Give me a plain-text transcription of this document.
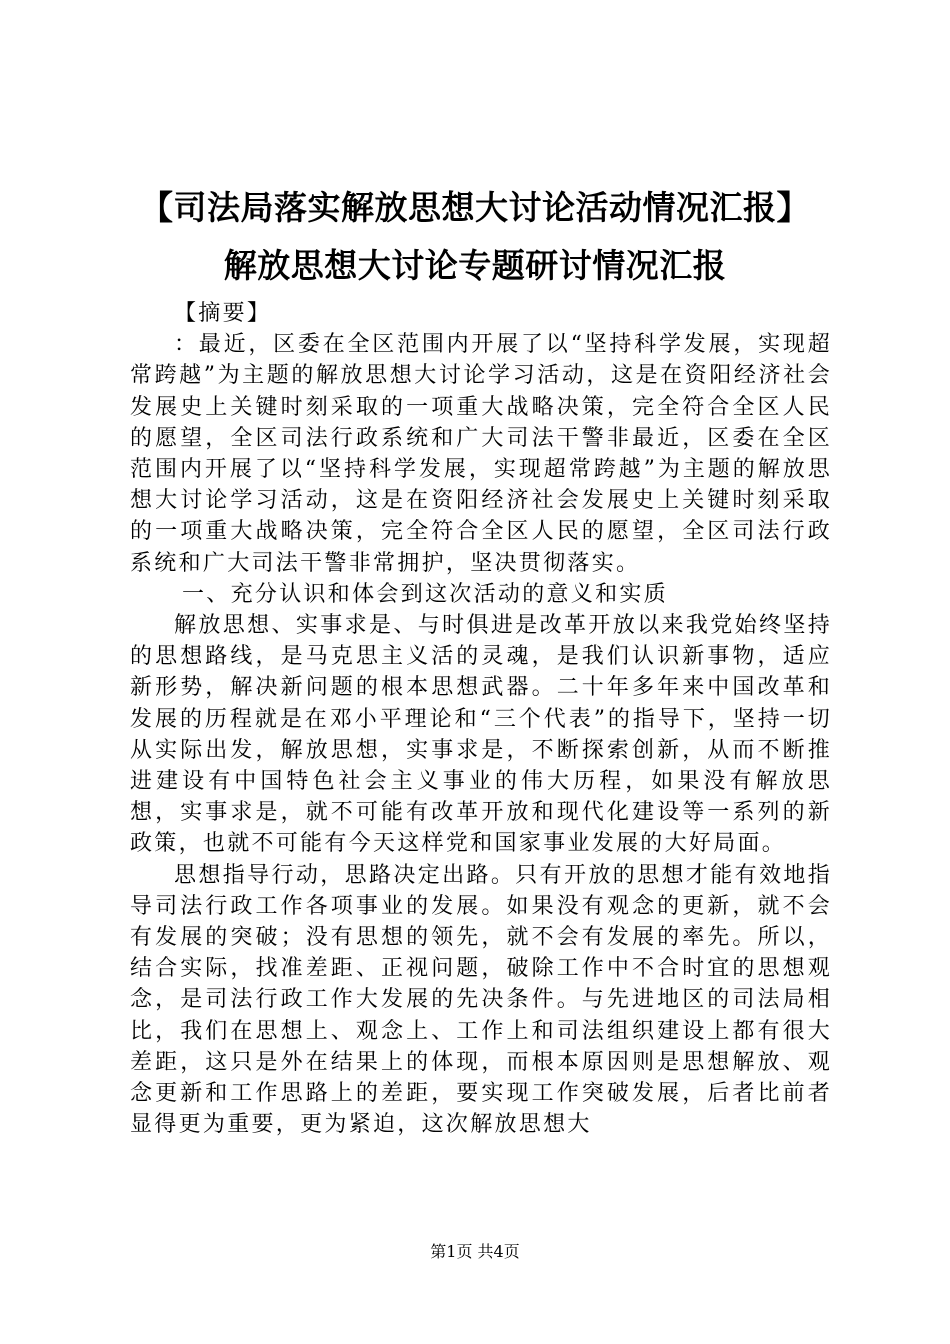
【司法局落实解放思想大讨论活动情况汇报】
解放思想大讨论专题研讨情况汇报

【摘要】

：最近，区委在全区范围内开展了以“坚持科学发展，实现超常跨越”为主题的解放思想大讨论学习活动，这是在资阳经济社会发展史上关键时刻采取的一项重大战略决策，完全符合全区人民的愿望，全区司法行政系统和广大司法干警非最近，区委在全区范围内开展了以“坚持科学发展，实现超常跨越”为主题的解放思想大讨论学习活动，这是在资阳经济社会发展史上关键时刻采取的一项重大战略决策，完全符合全区人民的愿望，全区司法行政系统和广大司法干警非常拥护，坚决贯彻落实。

一、充分认识和体会到这次活动的意义和实质

解放思想、实事求是、与时俱进是改革开放以来我党始终坚持的思想路线，是马克思主义活的灵魂，是我们认识新事物，适应新形势，解决新问题的根本思想武器。二十年多年来中国改革和发展的历程就是在邓小平理论和“三个代表”的指导下，坚持一切从实际出发，解放思想，实事求是，不断探索创新，从而不断推进建设有中国特色社会主义事业的伟大历程，如果没有解放思想，实事求是，就不可能有改革开放和现代化建设等一系列的新政策，也就不可能有今天这样党和国家事业发展的大好局面。

思想指导行动，思路决定出路。只有开放的思想才能有效地指导司法行政工作各项事业的发展。如果没有观念的更新，就不会有发展的突破；没有思想的领先，就不会有发展的率先。所以，结合实际，找准差距、正视问题，破除工作中不合时宜的思想观念，是司法行政工作大发展的先决条件。与先进地区的司法局相比，我们在思想上、观念上、工作上和司法组织建设上都有很大差距，这只是外在结果上的体现，而根本原因则是思想解放、观念更新和工作思路上的差距，要实现工作突破发展，后者比前者显得更为重要，更为紧迫，这次解放思想大

第1页 共4页
